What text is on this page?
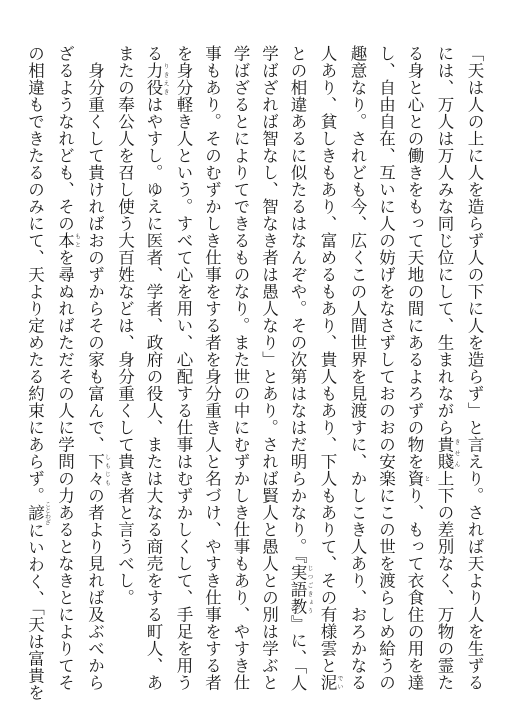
「天は人の上に人を造らず人の下に人を造らず」と言えり。されば天より人を生ずる
には、万人は万人みな同じ位にして、生まれながら貴賤 きせん上下の差別なく、万物の霊た
る身と心との働きをもって天地の間にあるよろずの物を資 とり、もって衣食住の用を達
し、自由自在、互いに人の妨げをなさずしておのおの安楽にこの世を渡らしめ給うの
趣意なり。されども今、広くこの人間世界を見渡すに、かしこき人あり、おろかなる
人あり、貧しきもあり、富めるもあり、貴人もあり、下人もありて、その有様雲と泥 でい
との相違あるに似たるはなんぞや。その次第はなはだ明らかなり。『実語教 じつごきょう』に、「人
学ばざれば智なし、智なき者は愚人なり」とあり。されば賢人と愚人との別は学ぶと
学ばざるとによりてできるものなり。また世の中にむずかしき仕事もあり、やすき仕
事もあり。そのむずかしき仕事をする者を身分重き人と名づけ、やすき仕事をする者
を身分軽き人という。すべて心を用い、心配する仕事はむずかしくして、手足を用う
る力役 りきえきはやすし。ゆえに医者、学者、政府の役人、または大なる商売をする町人、あ
またの奉公人を召し使う大百姓などは、身分重くして貴き者と言うべし。
　身分重くして貴ければおのずからその家も富んで、下々 しもじもの者より見れば及ぶべから
ざるようなれども、その本 もとを尋ぬればただその人に学問の力あるとなきとによりてそ
の相違もできたるのみにて、天より定めたる約束にあらず。諺 ことわざにいわく、「天は富貴を
